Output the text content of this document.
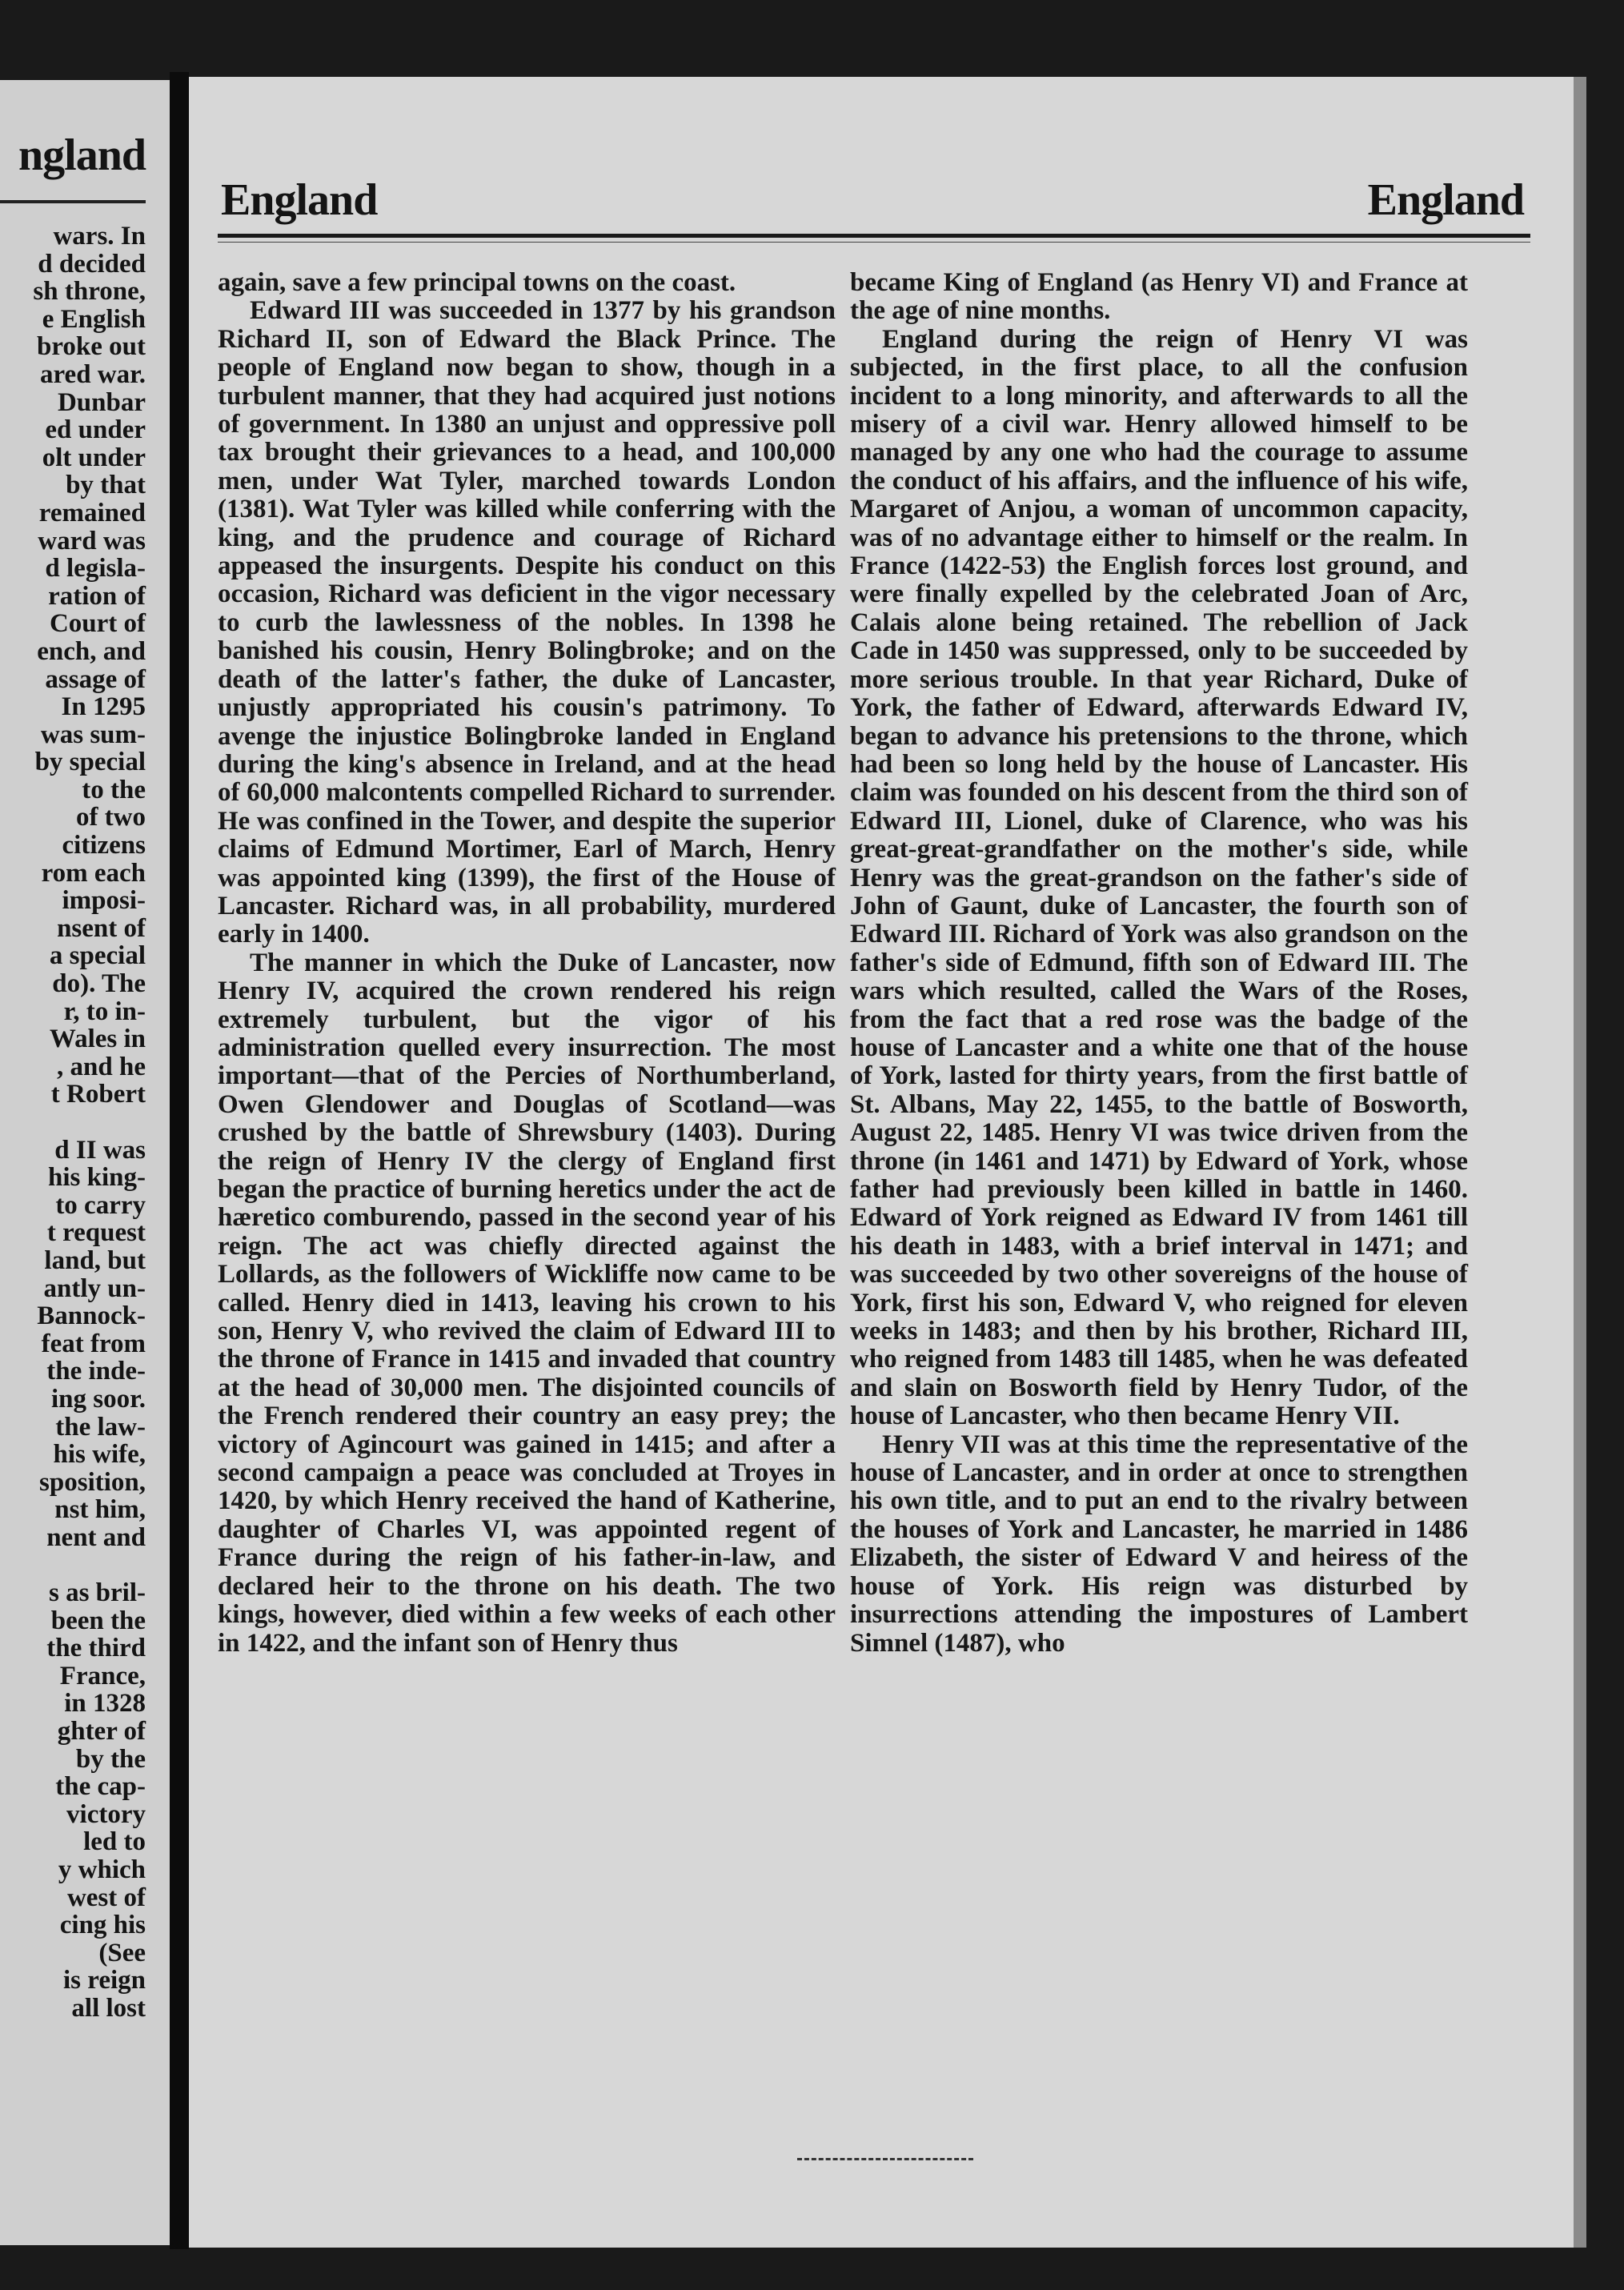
ngland
wars. In
d decided
sh throne,
e English
broke out
ared war.
Dunbar
ed under
olt under
by that
remained
ward was
d legisla-
ration of
Court of
ench, and
assage of
In 1295
was sum-
by special
to the
of two
citizens
rom each
imposi-
nsent of
a special
do). The
r, to in-
Wales in
, and he
t Robert
d II was
his king-
to carry
t request
land, but
antly un-
Bannock-
feat from
the inde-
ing soor.
the law-
his wife,
sposition,
nst him,
nent and
s as bril-
been the
the third
France,
in 1328
ghter of
by the
the cap-
victory
led to
y which
west of
cing his
(See
is reign
all lost
England	England

again, save a few principal towns on the coast.

Edward III was succeeded in 1377 by his grandson Richard II, son of Edward the Black Prince. The people of England now began to show, though in a turbulent manner, that they had acquired just notions of government. In 1380 an unjust and oppressive poll tax brought their grievances to a head, and 100,000 men, under Wat Tyler, marched towards London (1381). Wat Tyler was killed while conferring with the king, and the prudence and courage of Richard appeased the insurgents. Despite his conduct on this occasion, Richard was deficient in the vigor necessary to curb the lawlessness of the nobles. In 1398 he banished his cousin, Henry Bolingbroke; and on the death of the latter's father, the duke of Lancaster, unjustly appropriated his cousin's patrimony. To avenge the injustice Bolingbroke landed in England during the king's absence in Ireland, and at the head of 60,000 malcontents compelled Richard to surrender. He was confined in the Tower, and despite the superior claims of Edmund Mortimer, Earl of March, Henry was appointed king (1399), the first of the House of Lancaster. Richard was, in all probability, murdered early in 1400.

The manner in which the Duke of Lancaster, now Henry IV, acquired the crown rendered his reign extremely turbulent, but the vigor of his administration quelled every insurrection. The most important—that of the Percies of Northumberland, Owen Glendower and Douglas of Scotland—was crushed by the battle of Shrewsbury (1403). During the reign of Henry IV the clergy of England first began the practice of burning heretics under the act de hæretico comburendo, passed in the second year of his reign. The act was chiefly directed against the Lollards, as the followers of Wickliffe now came to be called. Henry died in 1413, leaving his crown to his son, Henry V, who revived the claim of Edward III to the throne of France in 1415 and invaded that country at the head of 30,000 men. The disjointed councils of the French rendered their country an easy prey; the victory of Agincourt was gained in 1415; and after a second campaign a peace was concluded at Troyes in 1420, by which Henry received the hand of Katherine, daughter of Charles VI, was appointed regent of France during the reign of his father-in-law, and declared heir to the throne on his death. The two kings, however, died within a few weeks of each other in 1422, and the infant son of Henry thus

became King of England (as Henry VI) and France at the age of nine months.

England during the reign of Henry VI was subjected, in the first place, to all the confusion incident to a long minority, and afterwards to all the misery of a civil war. Henry allowed himself to be managed by any one who had the courage to assume the conduct of his affairs, and the influence of his wife, Margaret of Anjou, a woman of uncommon capacity, was of no advantage either to himself or the realm. In France (1422-53) the English forces lost ground, and were finally expelled by the celebrated Joan of Arc, Calais alone being retained. The rebellion of Jack Cade in 1450 was suppressed, only to be succeeded by more serious trouble. In that year Richard, Duke of York, the father of Edward, afterwards Edward IV, began to advance his pretensions to the throne, which had been so long held by the house of Lancaster. His claim was founded on his descent from the third son of Edward III, Lionel, duke of Clarence, who was his great-great-grandfather on the mother's side, while Henry was the great-grandson on the father's side of John of Gaunt, duke of Lancaster, the fourth son of Edward III. Richard of York was also grandson on the father's side of Edmund, fifth son of Edward III. The wars which resulted, called the Wars of the Roses, from the fact that a red rose was the badge of the house of Lancaster and a white one that of the house of York, lasted for thirty years, from the first battle of St. Albans, May 22, 1455, to the battle of Bosworth, August 22, 1485. Henry VI was twice driven from the throne (in 1461 and 1471) by Edward of York, whose father had previously been killed in battle in 1460. Edward of York reigned as Edward IV from 1461 till his death in 1483, with a brief interval in 1471; and was succeeded by two other sovereigns of the house of York, first his son, Edward V, who reigned for eleven weeks in 1483; and then by his brother, Richard III, who reigned from 1483 till 1485, when he was defeated and slain on Bosworth field by Henry Tudor, of the house of Lancaster, who then became Henry VII.

Henry VII was at this time the representative of the house of Lancaster, and in order at once to strengthen his own title, and to put an end to the rivalry between the houses of York and Lancaster, he married in 1486 Elizabeth, the sister of Edward V and heiress of the house of York. His reign was disturbed by insurrections attending the impostures of Lambert Simnel (1487), who
